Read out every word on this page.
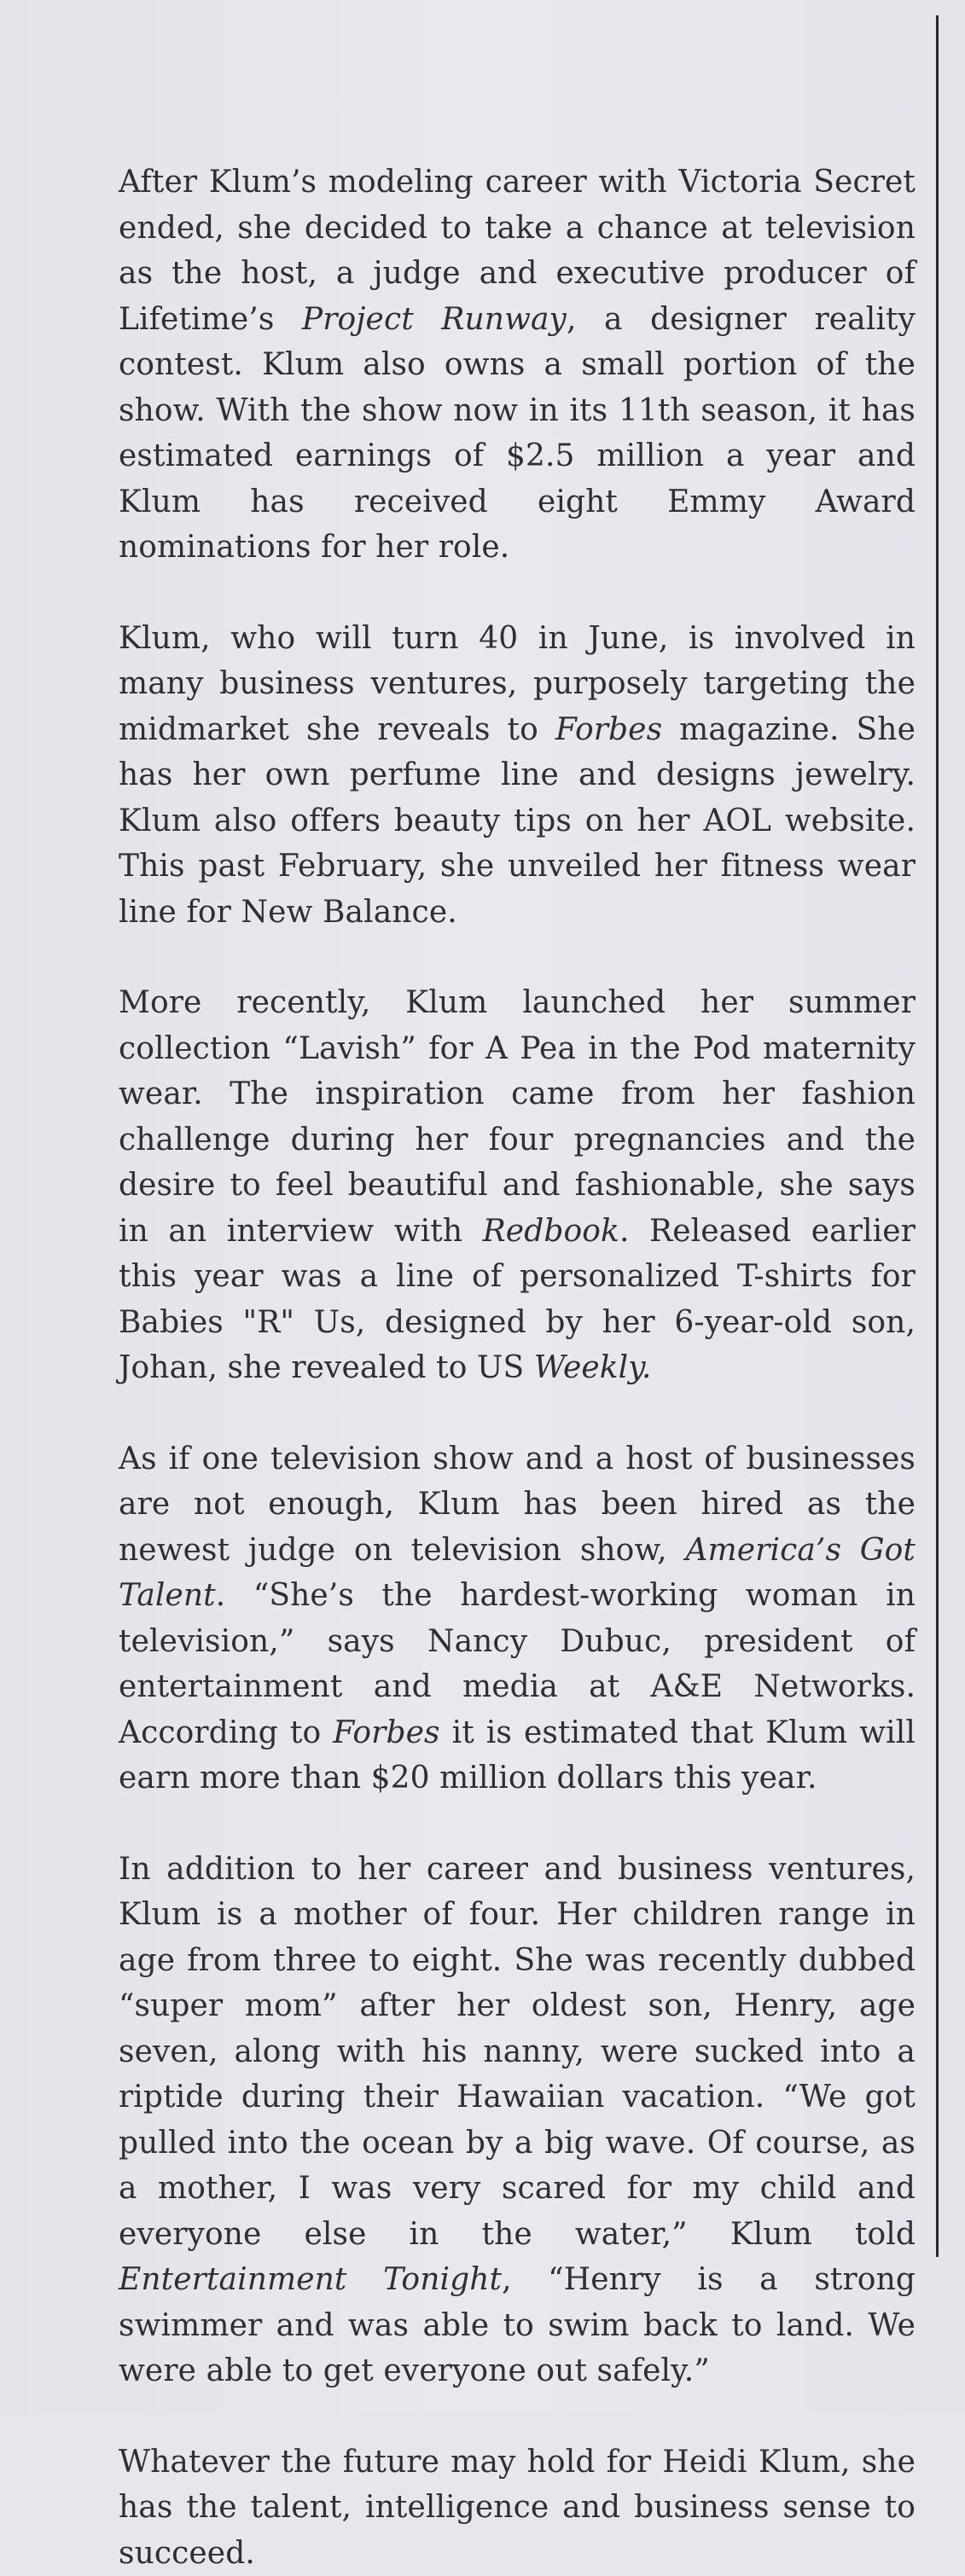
After Klum’s modeling career with Victoria Secret ended, she decided to take a chance at television as the host, a judge and executive producer of Lifetime’s Project Runway, a designer reality contest. Klum also owns a small portion of the show. With the show now in its 11th season, it has estimated earnings of $2.5 million a year and Klum has received eight Emmy Award nominations for her role.

Klum, who will turn 40 in June, is involved in many business ventures, purposely targeting the midmarket she reveals to Forbes magazine. She has her own perfume line and designs jewelry. Klum also offers beauty tips on her AOL website. This past February, she unveiled her fitness wear line for New Balance.

More recently, Klum launched her summer collection “Lavish” for A Pea in the Pod maternity wear. The inspiration came from her fashion challenge during her four pregnancies and the desire to feel beautiful and fashionable, she says in an interview with Redbook. Released earlier this year was a line of personalized T-shirts for Babies "R" Us, designed by her 6-year-old son, Johan, she revealed to US Weekly.

As if one television show and a host of businesses are not enough, Klum has been hired as the newest judge on television show, America’s Got Talent. “She’s the hardest-working woman in television,” says Nancy Dubuc, president of entertainment and media at A&E Networks. According to Forbes it is estimated that Klum will earn more than $20 million dollars this year.

In addition to her career and business ventures, Klum is a mother of four. Her children range in age from three to eight. She was recently dubbed “super mom” after her oldest son, Henry, age seven, along with his nanny, were sucked into a riptide during their Hawaiian vacation. “We got pulled into the ocean by a big wave. Of course, as a mother, I was very scared for my child and everyone else in the water,” Klum told Entertainment Tonight, “Henry is a strong swimmer and was able to swim back to land. We were able to get everyone out safely.”

Whatever the future may hold for Heidi Klum, she has the talent, intelligence and business sense to succeed.
